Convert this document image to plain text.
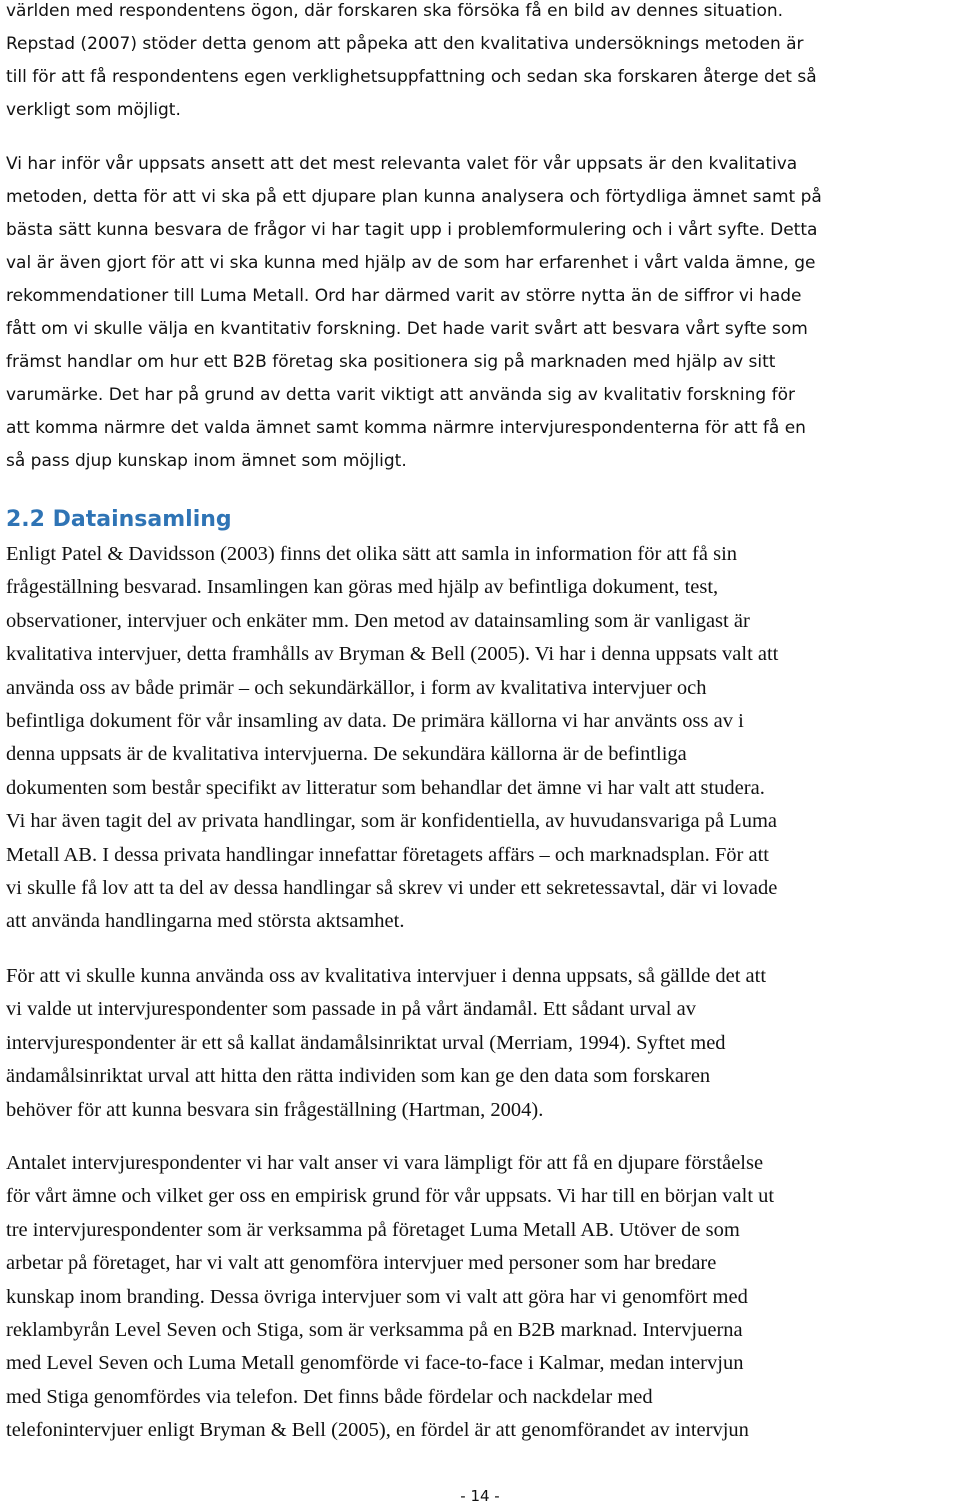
världen med respondentens ögon, där forskaren ska försöka få en bild av dennes situation.
Repstad (2007) stöder detta genom att påpeka att den kvalitativa undersöknings metoden är
till för att få respondentens egen verklighetsuppfattning och sedan ska forskaren återge det så
verkligt som möjligt.
Vi har inför vår uppsats ansett att det mest relevanta valet för vår uppsats är den kvalitativa
metoden, detta för att vi ska på ett djupare plan kunna analysera och förtydliga ämnet samt på
bästa sätt kunna besvara de frågor vi har tagit upp i problemformulering och i vårt syfte. Detta
val är även gjort för att vi ska kunna med hjälp av de som har erfarenhet i vårt valda ämne, ge
rekommendationer till Luma Metall. Ord har därmed varit av större nytta än de siffror vi hade
fått om vi skulle välja en kvantitativ forskning. Det hade varit svårt att besvara vårt syfte som
främst handlar om hur ett B2B företag ska positionera sig på marknaden med hjälp av sitt
varumärke. Det har på grund av detta varit viktigt att använda sig av kvalitativ forskning för
att komma närmre det valda ämnet samt komma närmre intervjurespondenterna för att få en
så pass djup kunskap inom ämnet som möjligt.
2.2 Datainsamling
Enligt Patel & Davidsson (2003) finns det olika sätt att samla in information för att få sin
frågeställning besvarad. Insamlingen kan göras med hjälp av befintliga dokument, test,
observationer, intervjuer och enkäter mm. Den metod av datainsamling som är vanligast är
kvalitativa intervjuer, detta framhålls av Bryman & Bell (2005). Vi har i denna uppsats valt att
använda oss av både primär – och sekundärkällor, i form av kvalitativa intervjuer och
befintliga dokument för vår insamling av data. De primära källorna vi har använts oss av i
denna uppsats är de kvalitativa intervjuerna. De sekundära källorna är de befintliga
dokumenten som består specifikt av litteratur som behandlar det ämne vi har valt att studera.
Vi har även tagit del av privata handlingar, som är konfidentiella, av huvudansvariga på Luma
Metall AB. I dessa privata handlingar innefattar företagets affärs – och marknadsplan. För att
vi skulle få lov att ta del av dessa handlingar så skrev vi under ett sekretessavtal, där vi lovade
att använda handlingarna med största aktsamhet.
För att vi skulle kunna använda oss av kvalitativa intervjuer i denna uppsats, så gällde det att
vi valde ut intervjurespondenter som passade in på vårt ändamål. Ett sådant urval av
intervjurespondenter är ett så kallat ändamålsinriktat urval (Merriam, 1994). Syftet med
ändamålsinriktat urval att hitta den rätta individen som kan ge den data som forskaren
behöver för att kunna besvara sin frågeställning (Hartman, 2004).
Antalet intervjurespondenter vi har valt anser vi vara lämpligt för att få en djupare förståelse
för vårt ämne och vilket ger oss en empirisk grund för vår uppsats. Vi har till en början valt ut
tre intervjurespondenter som är verksamma på företaget Luma Metall AB. Utöver de som
arbetar på företaget, har vi valt att genomföra intervjuer med personer som har bredare
kunskap inom branding. Dessa övriga intervjuer som vi valt att göra har vi genomfört med
reklambyrån Level Seven och Stiga, som är verksamma på en B2B marknad. Intervjuerna
med Level Seven och Luma Metall genomförde vi face-to-face i Kalmar, medan intervjun
med Stiga genomfördes via telefon. Det finns både fördelar och nackdelar med
telefonintervjuer enligt Bryman & Bell (2005), en fördel är att genomförandet av intervjun
- 14 -
